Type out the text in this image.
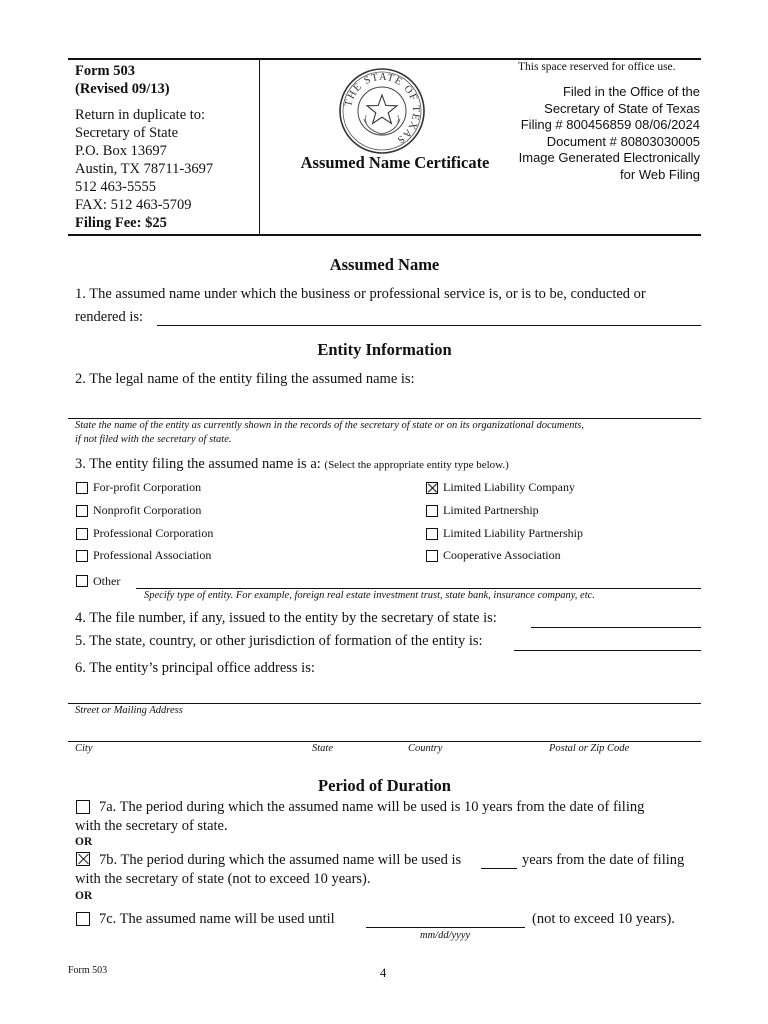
Form 503
(Revised 09/13)
Return in duplicate to:
Secretary of State
P.O. Box 13697
Austin, TX 78711-3697
512 463-5555
FAX: 512 463-5709
Filing Fee: $25
THE STATE OF TEXAS
Assumed Name Certificate
This space reserved for office use.
Filed in the Office of the
Secretary of State of Texas
Filing # 800456859 08/06/2024
Document # 80803030005
Image Generated Electronically
for Web Filing
Assumed Name
1. The assumed name under which the business or professional service is, or is to be, conducted or
rendered is:
Entity Information
2. The legal name of the entity filing the assumed name is:
State the name of the entity as currently shown in the records of the secretary of state or on its organizational documents,
if not filed with the secretary of state.
3. The entity filing the assumed name is a: (Select the appropriate entity type below.)
For-profit Corporation
Nonprofit Corporation
Professional Corporation
Professional Association
Limited Liability Company
Limited Partnership
Limited Liability Partnership
Cooperative Association
Other
Specify type of entity. For example, foreign real estate investment trust, state bank, insurance company, etc.
4. The file number, if any, issued to the entity by the secretary of state is:
5. The state, country, or other jurisdiction of formation of the entity is:
6. The entity’s principal office address is:
Street or Mailing Address
City	State	Country	Postal or Zip Code
Period of Duration
7a. The period during which the assumed name will be used is 10 years from the date of filing
with the secretary of state.
OR
7b. The period during which the assumed name will be used is	years from the date of filing
with the secretary of state (not to exceed 10 years).
OR
7c. The assumed name will be used until	(not to exceed 10 years).
mm/dd/yyyy
Form 503	4
